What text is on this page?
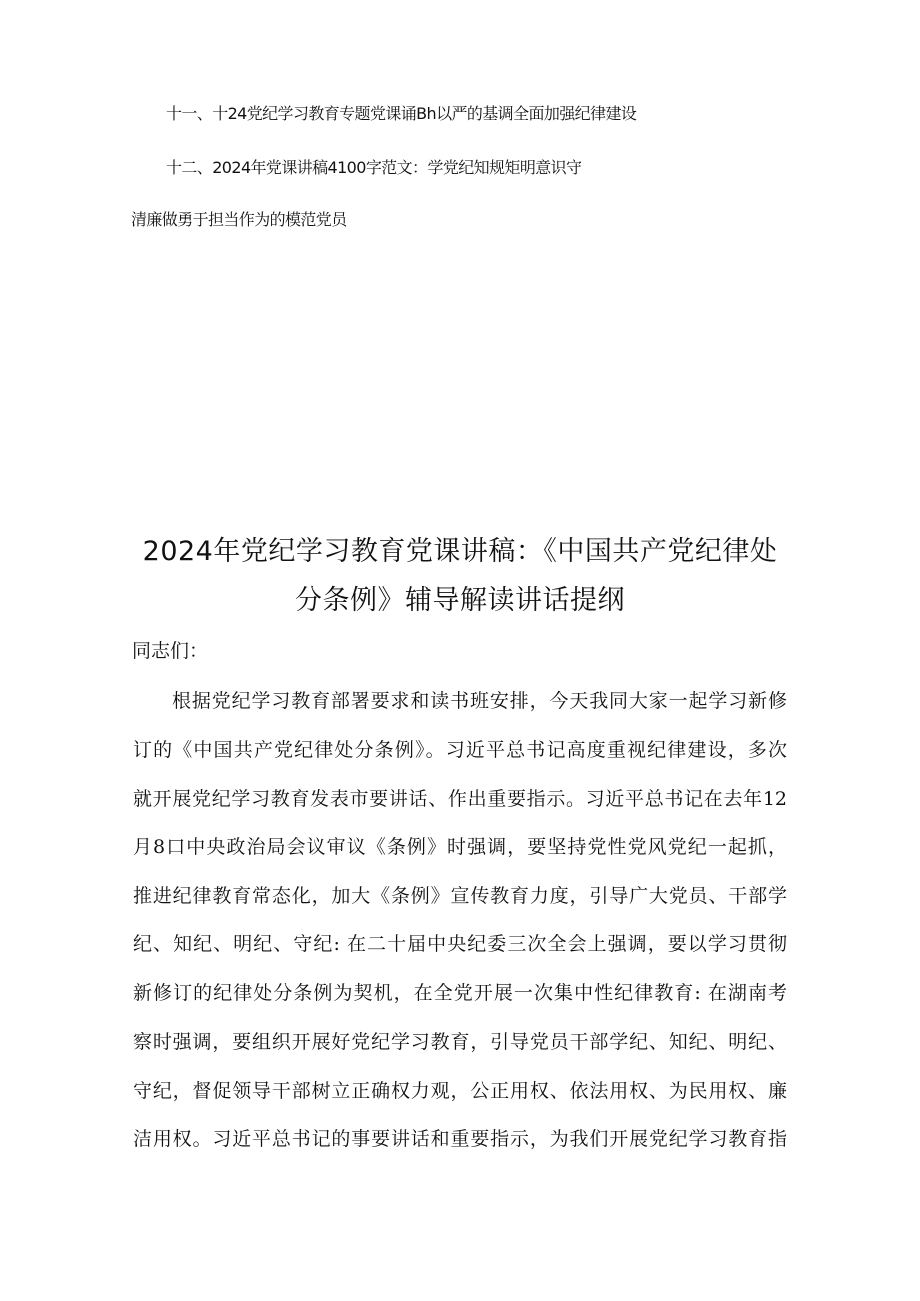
十一、十24党纪学习教育专题党课诵Bh以严的基调全面加强纪律建设
十二、2024年党课讲稿4100字范文：学党纪知规矩明意识守
清廉做勇于担当作为的模范党员
2024年党纪学习教育党课讲稿：《中国共产党纪律处
分条例》辅导解读讲话提纲
同志们：
根据党纪学习教育部署要求和读书班安排，今天我同大家一起学习新修
订的《中国共产党纪律处分条例》。习近平总书记高度重视纪律建设，多次
就开展党纪学习教育发表市要讲话、作出重要指示。习近平总书记在去年12
月8口中央政治局会议审议《条例》时强调，要坚持党性党风党纪一起抓，
推进纪律教育常态化，加大《条例》宣传教育力度，引导广大党员、干部学
纪、知纪、明纪、守纪: 在二十届中央纪委三次全会上强调，要以学习贯彻
新修订的纪律处分条例为契机，在全党开展一次集中性纪律教育: 在湖南考
察时强调，要组织开展好党纪学习教育，引导党员干部学纪、知纪、明纪、
守纪，督促领导干部树立正确权力观，公正用权、依法用权、为民用权、廉
洁用权。习近平总书记的事要讲话和重要指示，为我们开展党纪学习教育指
